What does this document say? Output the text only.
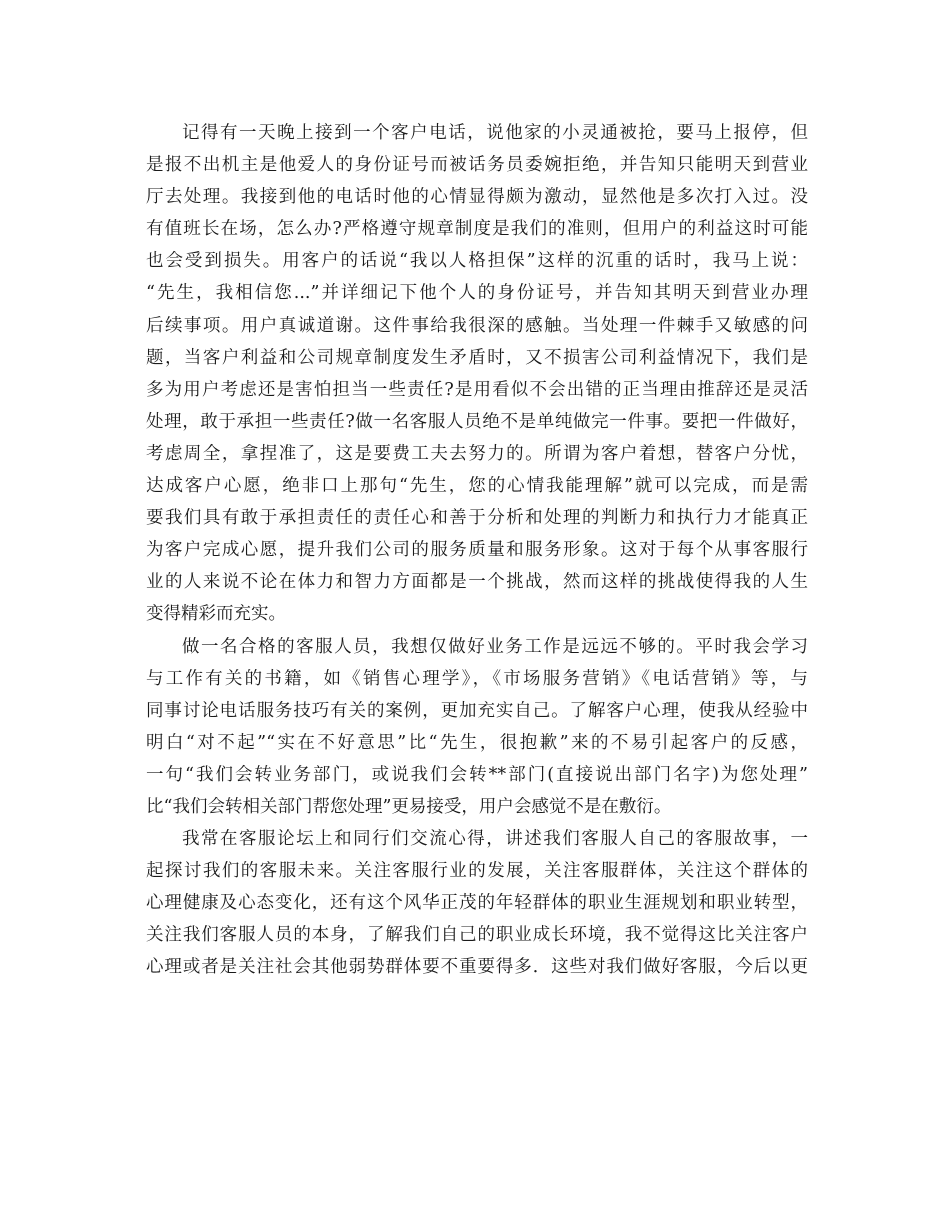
记得有一天晚上接到一个客户电话，说他家的小灵通被抢，要马上报停，但
是报不出机主是他爱人的身份证号而被话务员委婉拒绝，并告知只能明天到营业
厅去处理。我接到他的电话时他的心情显得颇为激动，显然他是多次打入过。没
有值班长在场，怎么办?严格遵守规章制度是我们的准则，但用户的利益这时可能
也会受到损失。用客户的话说“我以人格担保”这样的沉重的话时，我马上说：
“先生，我相信您...”并详细记下他个人的身份证号，并告知其明天到营业办理
后续事项。用户真诚道谢。这件事给我很深的感触。当处理一件棘手又敏感的问
题，当客户利益和公司规章制度发生矛盾时，又不损害公司利益情况下，我们是
多为用户考虑还是害怕担当一些责任?是用看似不会出错的正当理由推辞还是灵活
处理，敢于承担一些责任?做一名客服人员绝不是单纯做完一件事。要把一件做好，
考虑周全，拿捏准了，这是要费工夫去努力的。所谓为客户着想，替客户分忧，
达成客户心愿，绝非口上那句“先生，您的心情我能理解”就可以完成，而是需
要我们具有敢于承担责任的责任心和善于分析和处理的判断力和执行力才能真正
为客户完成心愿，提升我们公司的服务质量和服务形象。这对于每个从事客服行
业的人来说不论在体力和智力方面都是一个挑战，然而这样的挑战使得我的人生
变得精彩而充实。
做一名合格的客服人员，我想仅做好业务工作是远远不够的。平时我会学习
与工作有关的书籍，如《销售心理学》，《市场服务营销》《电话营销》等，与
同事讨论电话服务技巧有关的案例，更加充实自己。了解客户心理，使我从经验中
明白“对不起”“实在不好意思”比“先生，很抱歉”来的不易引起客户的反感，
一句“我们会转业务部门，或说我们会转**部门(直接说出部门名字)为您处理”
比“我们会转相关部门帮您处理”更易接受，用户会感觉不是在敷衍。
我常在客服论坛上和同行们交流心得，讲述我们客服人自己的客服故事，一
起探讨我们的客服未来。关注客服行业的发展，关注客服群体，关注这个群体的
心理健康及心态变化，还有这个风华正茂的年轻群体的职业生涯规划和职业转型，
关注我们客服人员的本身，了解我们自己的职业成长环境，我不觉得这比关注客户
心理或者是关注社会其他弱势群体要不重要得多．这些对我们做好客服，今后以更
